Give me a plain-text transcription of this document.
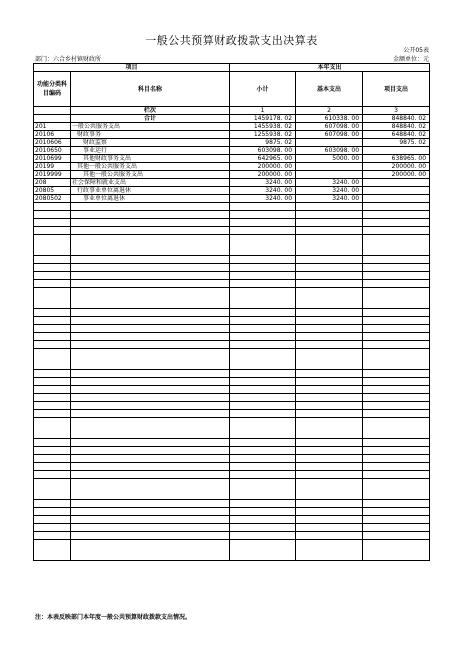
一般公共预算财政拨款支出决算表
公开05表
部门：六合乡村镇财政所	金额单位：元
项目		本年支出		
功能分类科目编码	科目名称	小计	基本支出	项目支出
	栏次	1	2	3
	合计	1459178. 02	610338. 00	848840. 02
201	一般公共服务支出	1455938. 02	607098. 00	848840. 02
20106	财政事务	1255938. 02	607098. 00	648840. 02
2010606	财政监察	9875. 02		9875. 02
2010650	事业运行	603098. 00	603098. 00	
2010699	其他财政事务支出	642965. 00	5000. 00	638965. 00
20199	其他一般公共服务支出	200000. 00		200000. 00
2019999	其他一般公共服务支出	200000. 00		200000. 00
208	社会保障和就业支出	3240. 00	3240. 00	
20805	行政事业单位离退休	3240. 00	3240. 00	
2080502	事业单位离退休	3240. 00	3240. 00	

注：本表反映部门本年度一般公共预算财政拨款支出情况。
